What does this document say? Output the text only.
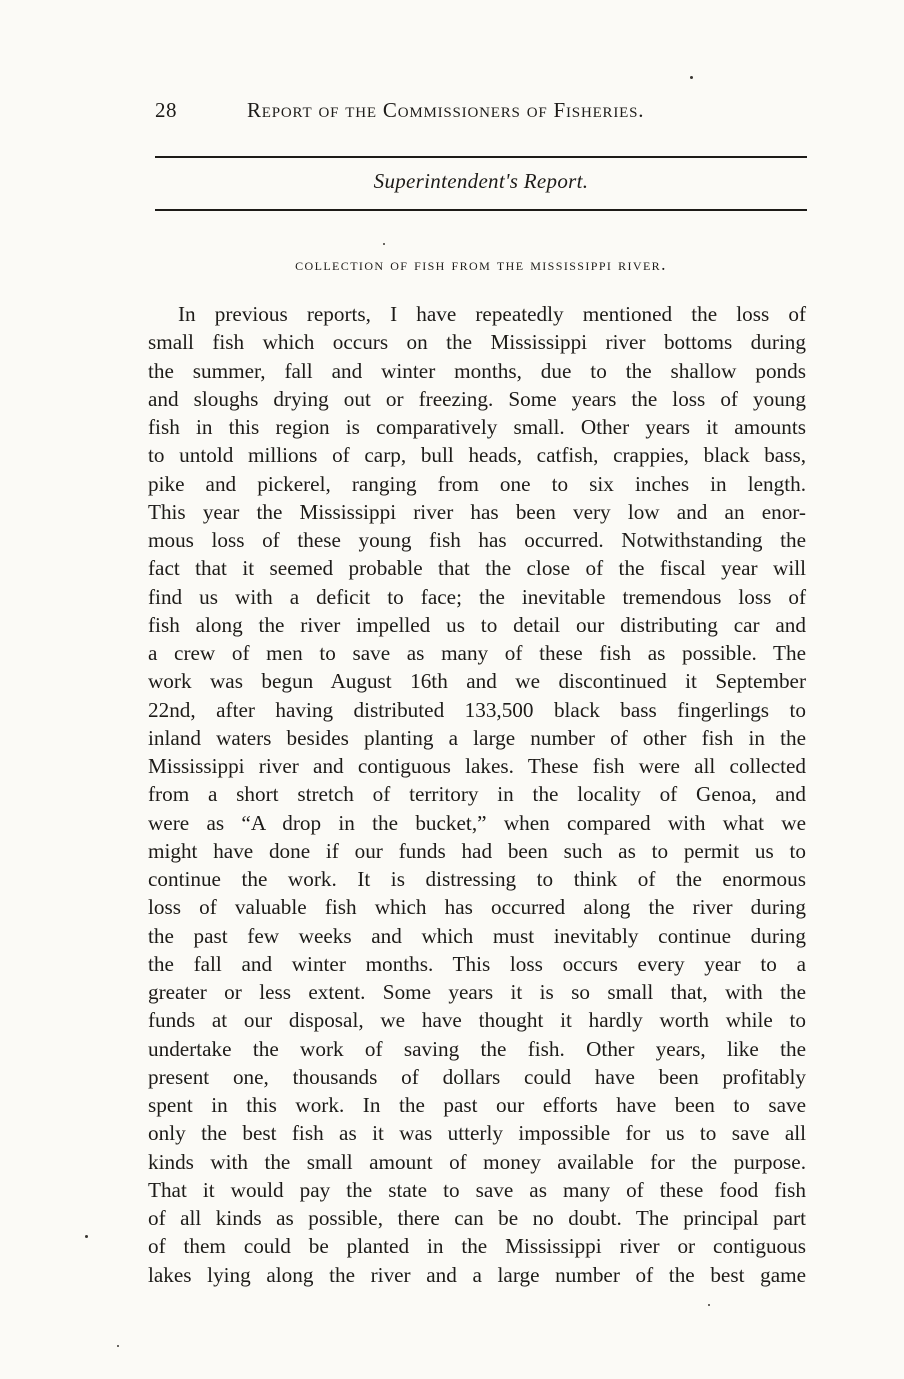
28	Report of the Commissioners of Fisheries.
Superintendent's Report.
collection of fish from the mississippi river.
In previous reports, I have repeatedly mentioned the loss of
small fish which occurs on the Mississippi river bottoms during
the summer, fall and winter months, due to the shallow ponds
and sloughs drying out or freezing. Some years the loss of young
fish in this region is comparatively small. Other years it amounts
to untold millions of carp, bull heads, catfish, crappies, black bass,
pike and pickerel, ranging from one to six inches in length.
This year the Mississippi river has been very low and an enor-
mous loss of these young fish has occurred. Notwithstanding the
fact that it seemed probable that the close of the fiscal year will
find us with a deficit to face; the inevitable tremendous loss of
fish along the river impelled us to detail our distributing car and
a crew of men to save as many of these fish as possible. The
work was begun August 16th and we discontinued it September
22nd, after having distributed 133,500 black bass fingerlings to
inland waters besides planting a large number of other fish in the
Mississippi river and contiguous lakes. These fish were all collected
from a short stretch of territory in the locality of Genoa, and
were as “A drop in the bucket,” when compared with what we
might have done if our funds had been such as to permit us to
continue the work. It is distressing to think of the enormous
loss of valuable fish which has occurred along the river during
the past few weeks and which must inevitably continue during
the fall and winter months. This loss occurs every year to a
greater or less extent. Some years it is so small that, with the
funds at our disposal, we have thought it hardly worth while to
undertake the work of saving the fish. Other years, like the
present one, thousands of dollars could have been profitably
spent in this work. In the past our efforts have been to save
only the best fish as it was utterly impossible for us to save all
kinds with the small amount of money available for the purpose.
That it would pay the state to save as many of these food fish
of all kinds as possible, there can be no doubt. The principal part
of them could be planted in the Mississippi river or contiguous
lakes lying along the river and a large number of the best game
